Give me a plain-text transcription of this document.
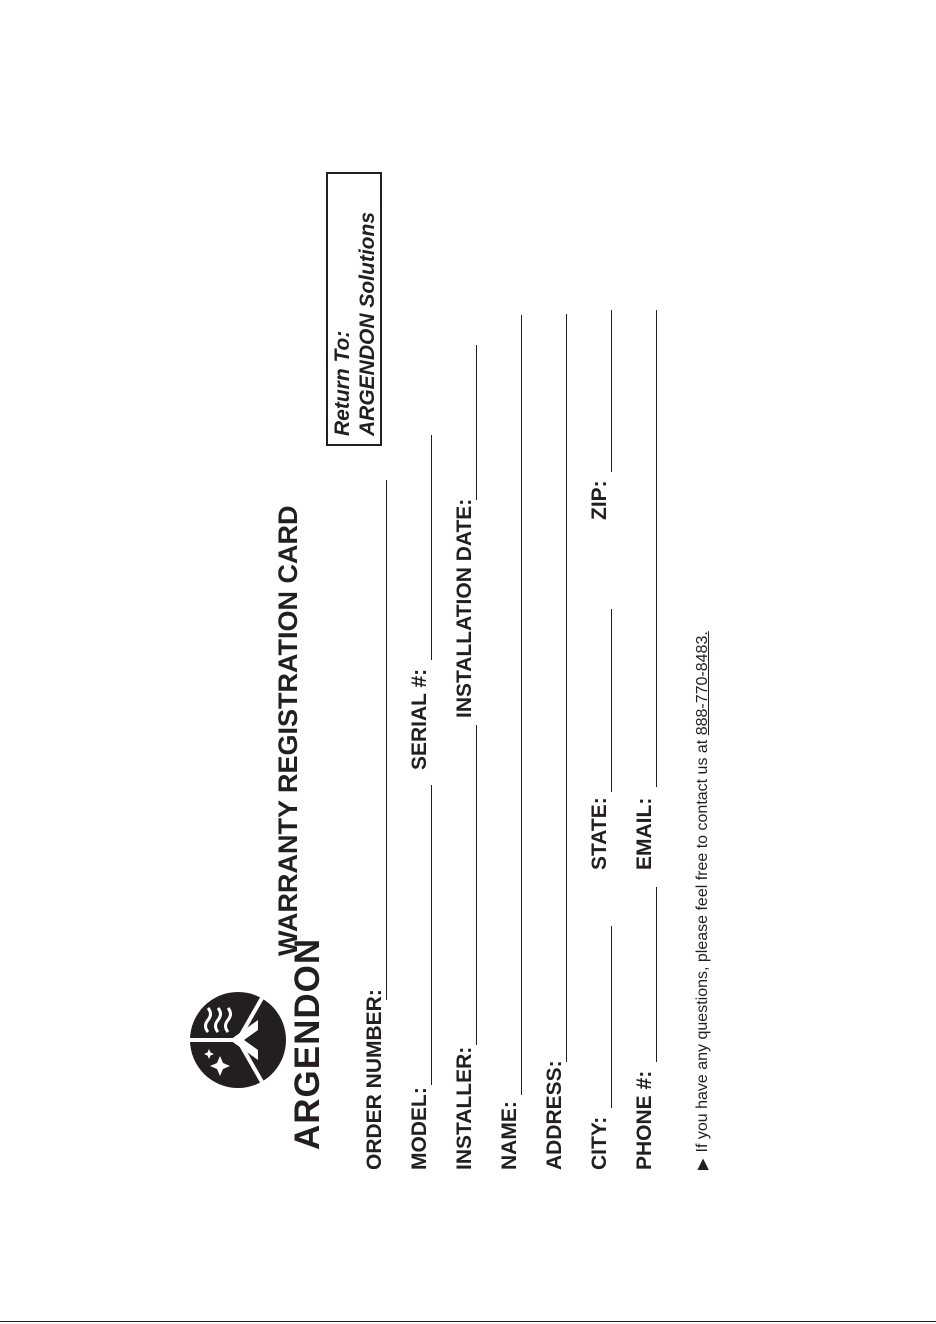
ARGENDON
WARRANTY REGISTRATION CARD
Return To: ARGENDON Solutions
ORDER NUMBER: MODEL:
SERIAL #:
INSTALLER:
INSTALLATION DATE:
NAME: ADDRESS: CITY:
STATE:
ZIP:
PHONE #:
EMAIL:
▶If you have any questions, please feel free to contact us at 888-770-8483.
